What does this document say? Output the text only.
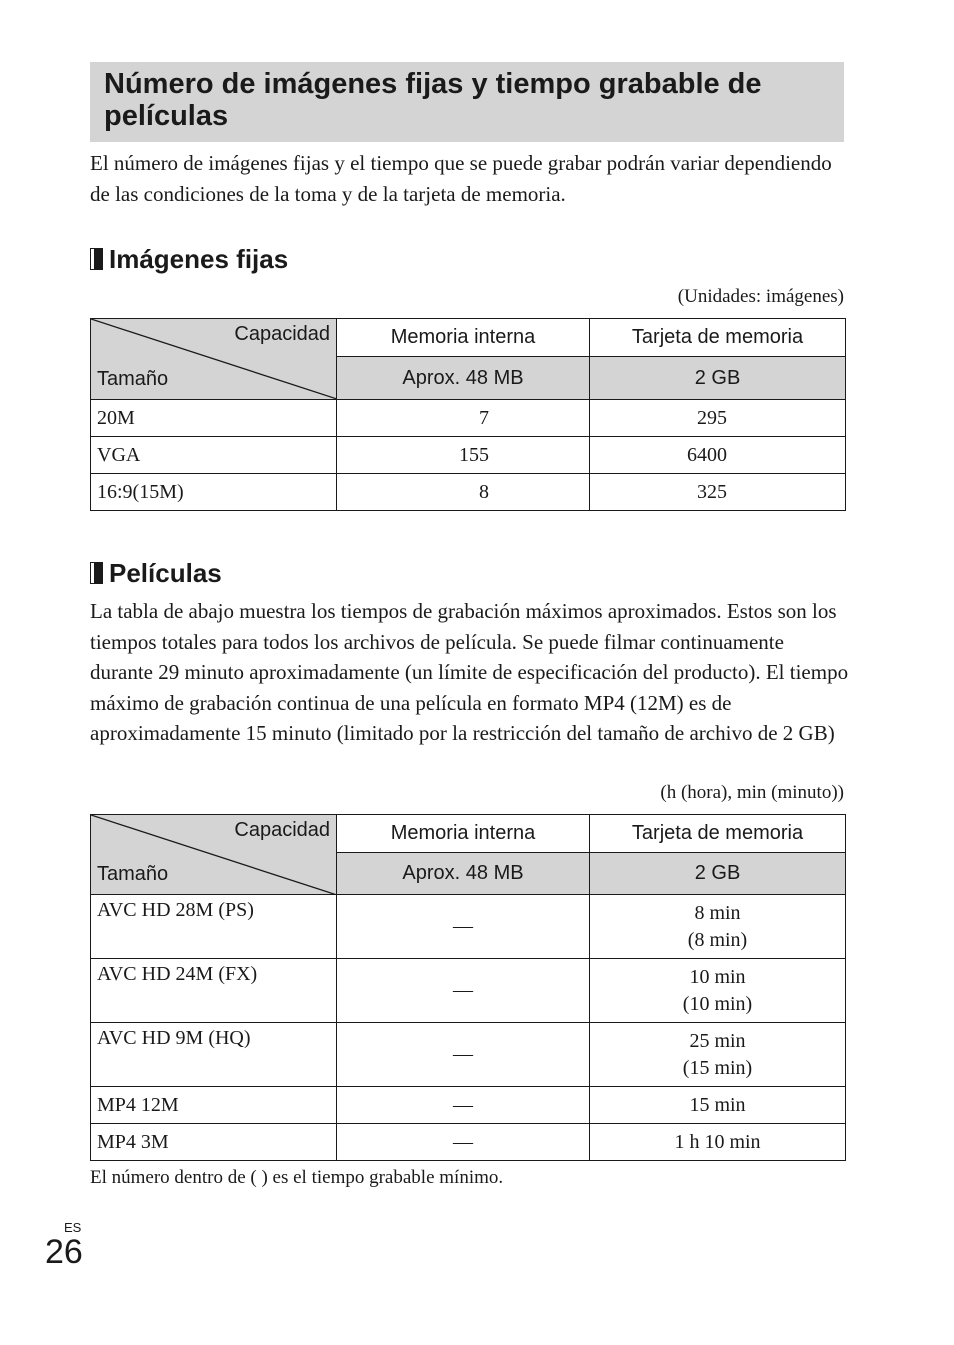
Número de imágenes fijas y tiempo grabable de películas

El número de imágenes fijas y el tiempo que se puede grabar podrán variar dependiendo de las condiciones de la toma y de la tarjeta de memoria.

Imágenes fijas

(Unidades: imágenes)

Capacidad
Tamaño	Memoria interna	Tarjeta de memoria
	Aprox. 48 MB	2 GB
20M	7	295
VGA	155	6400
16:9(15M)	8	325
Películas

La tabla de abajo muestra los tiempos de grabación máximos aproximados. Estos son los tiempos totales para todos los archivos de película. Se puede filmar continuamente durante 29 minuto aproximadamente (un límite de especificación del producto). El tiempo máximo de grabación continua de una película en formato MP4 (12M) es de aproximadamente 15 minuto (limitado por la restricción del tamaño de archivo de 2 GB)

(h (hora), min (minuto))

Capacidad
Tamaño	Memoria interna	Tarjeta de memoria
	Aprox. 48 MB	2 GB
AVC HD 28M (PS)	—	8 min
(8 min)

AVC HD 24M (FX)	—	10 min
(10 min)

AVC HD 9M (HQ)	—	25 min
(15 min)

MP4 12M	—	15 min
MP4 3M	—	1 h 10 min

El número dentro de ( ) es el tiempo grabable mínimo.

ES
26
